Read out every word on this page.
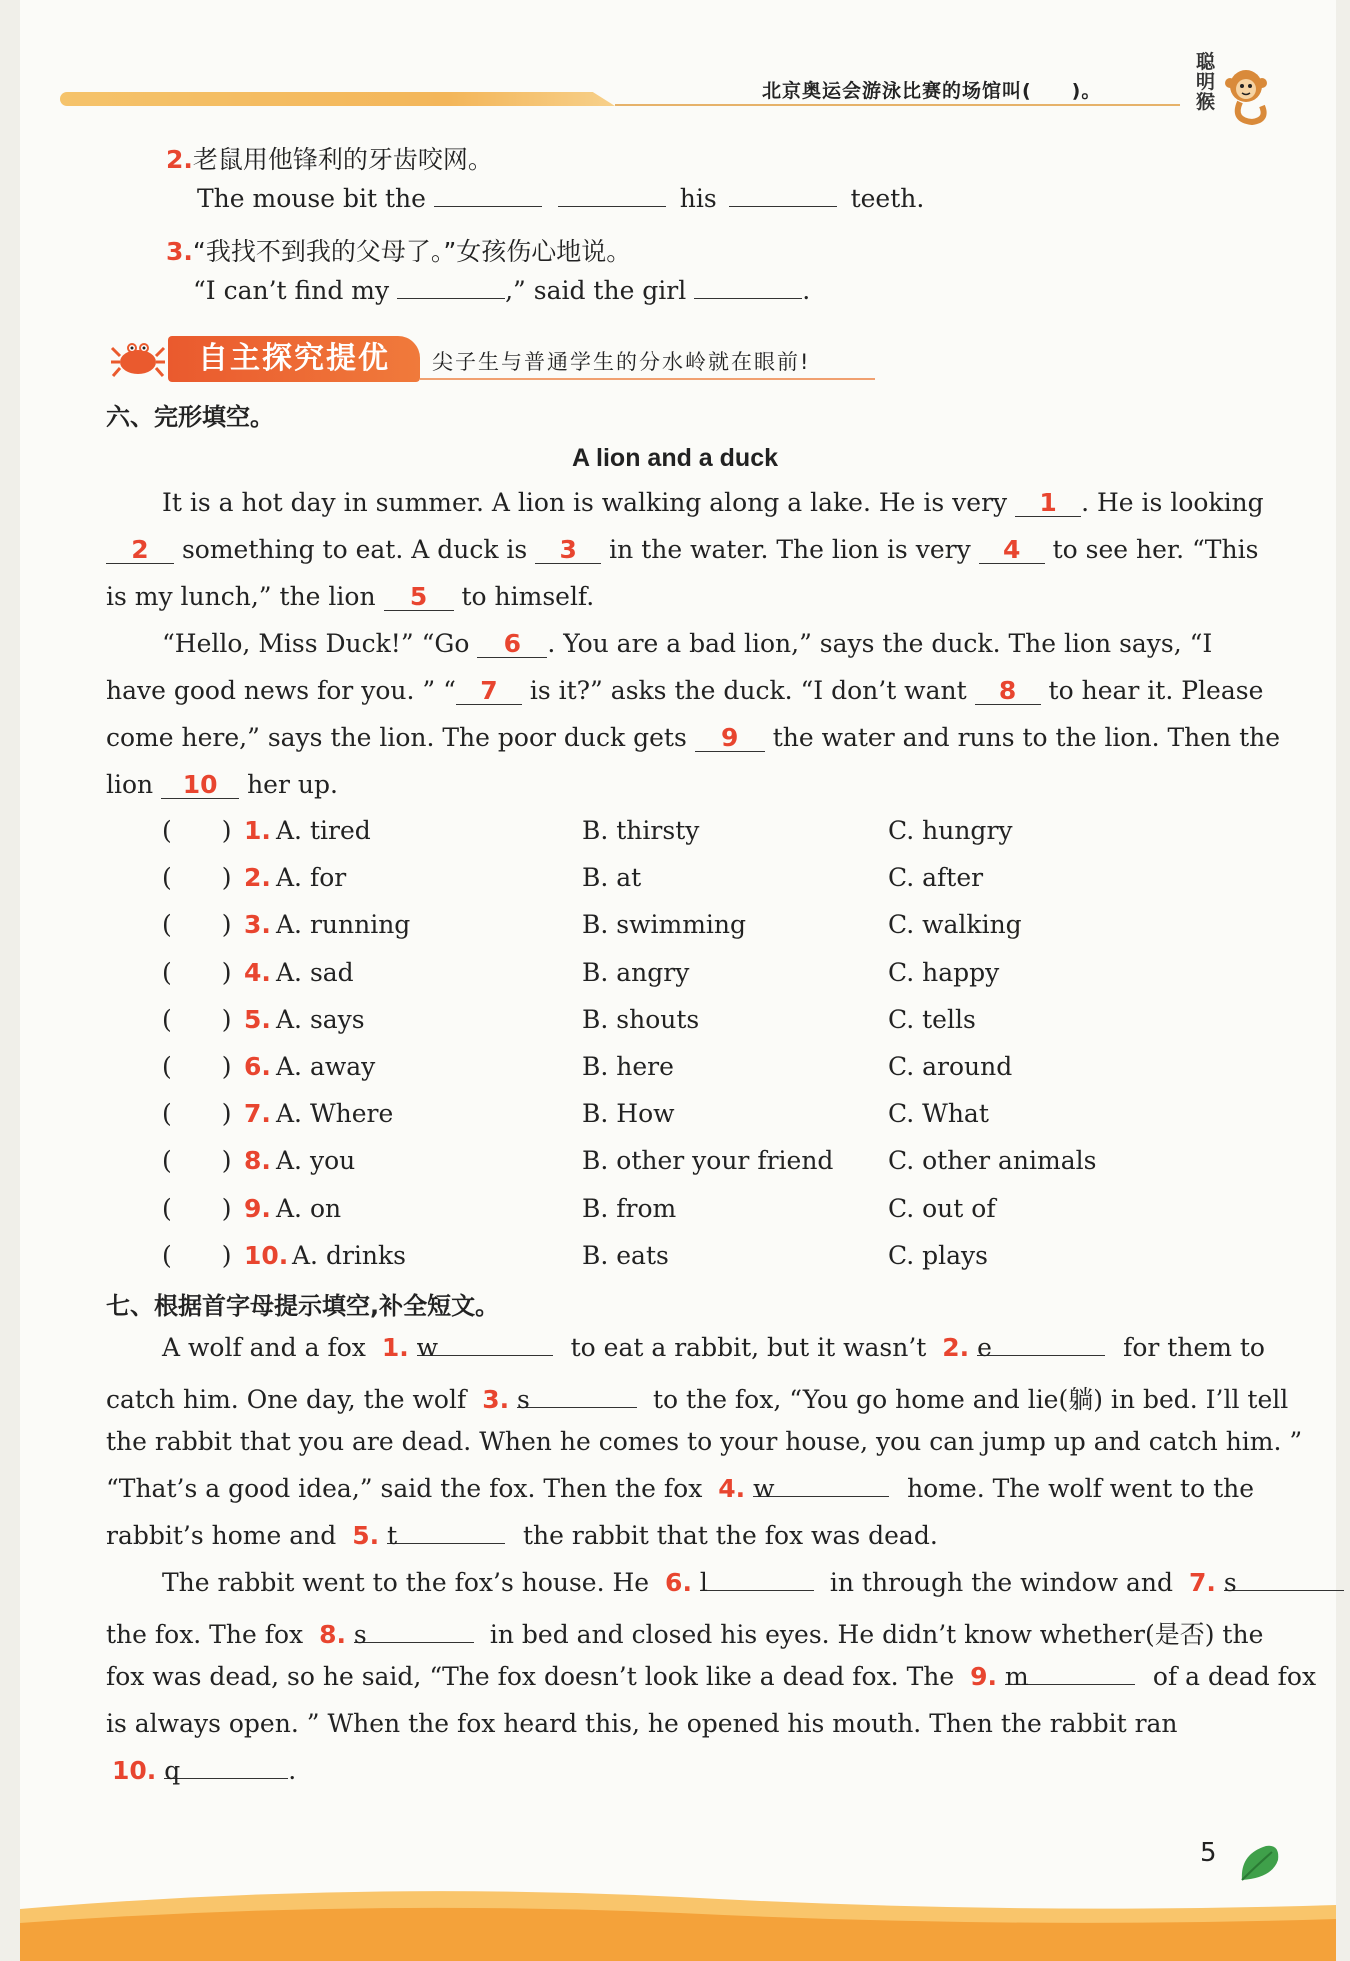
北京奥运会游泳比赛的场馆叫(　　)。
聪明猴
2.老鼠用他锋利的牙齿咬网。
The mouse bit the	his	teeth.
3.“我找不到我的父母了。”女孩伤心地说。
“I can’t find my	,” said the girl	.
自主探究提优	尖子生与普通学生的分水岭就在眼前!
六、完形填空。
A lion and a duck
It is a hot day in summer. A lion is walking along a lake. He is very 1 . He is looking
2 something to eat. A duck is 3 in the water. The lion is very 4 to see her. “This
is my lunch,” the lion 5 to himself.
“Hello, Miss Duck!” “Go 6 . You are a bad lion,” says the duck. The lion says, “I
have good news for you. ” “ 7 is it?” asks the duck. “I don’t want 8 to hear it. Please
come here,” says the lion. The poor duck gets 9 the water and runs to the lion. Then the
lion 10 her up.
(  ) 1. A. tired	B. thirsty	C. hungry
(  ) 2. A. for	B. at	C. after
(  ) 3. A. running	B. swimming	C. walking
(  ) 4. A. sad	B. angry	C. happy
(  ) 5. A. says	B. shouts	C. tells
(  ) 6. A. away	B. here	C. around
(  ) 7. A. Where	B. How	C. What
(  ) 8. A. you	B. other your friend C. other animals
(  ) 9. A. on	B. from	C. out of
(  ) 10. A. drinks	B. eats	C. plays
七、根据首字母提示填空,补全短文。
A wolf and a fox 1. w	to eat a rabbit, but it wasn’t 2. e	for them to
catch him. One day, the wolf 3. s	to the fox, “You go home and lie(躺) in bed. I’ll tell
the rabbit that you are dead. When he comes to your house, you can jump up and catch him. ”
“That’s a good idea,” said the fox. Then the fox 4. w	home. The wolf went to the
rabbit’s home and 5. t	the rabbit that the fox was dead.
The rabbit went to the fox’s house. He 6. l	in through the window and 7. s
the fox. The fox 8. s	in bed and closed his eyes. He didn’t know whether(是否) the
fox was dead, so he said, “The fox doesn’t look like a dead fox. The 9. m	of a dead fox
is always open. ” When the fox heard this, he opened his mouth. Then the rabbit ran
10. q	.
5
